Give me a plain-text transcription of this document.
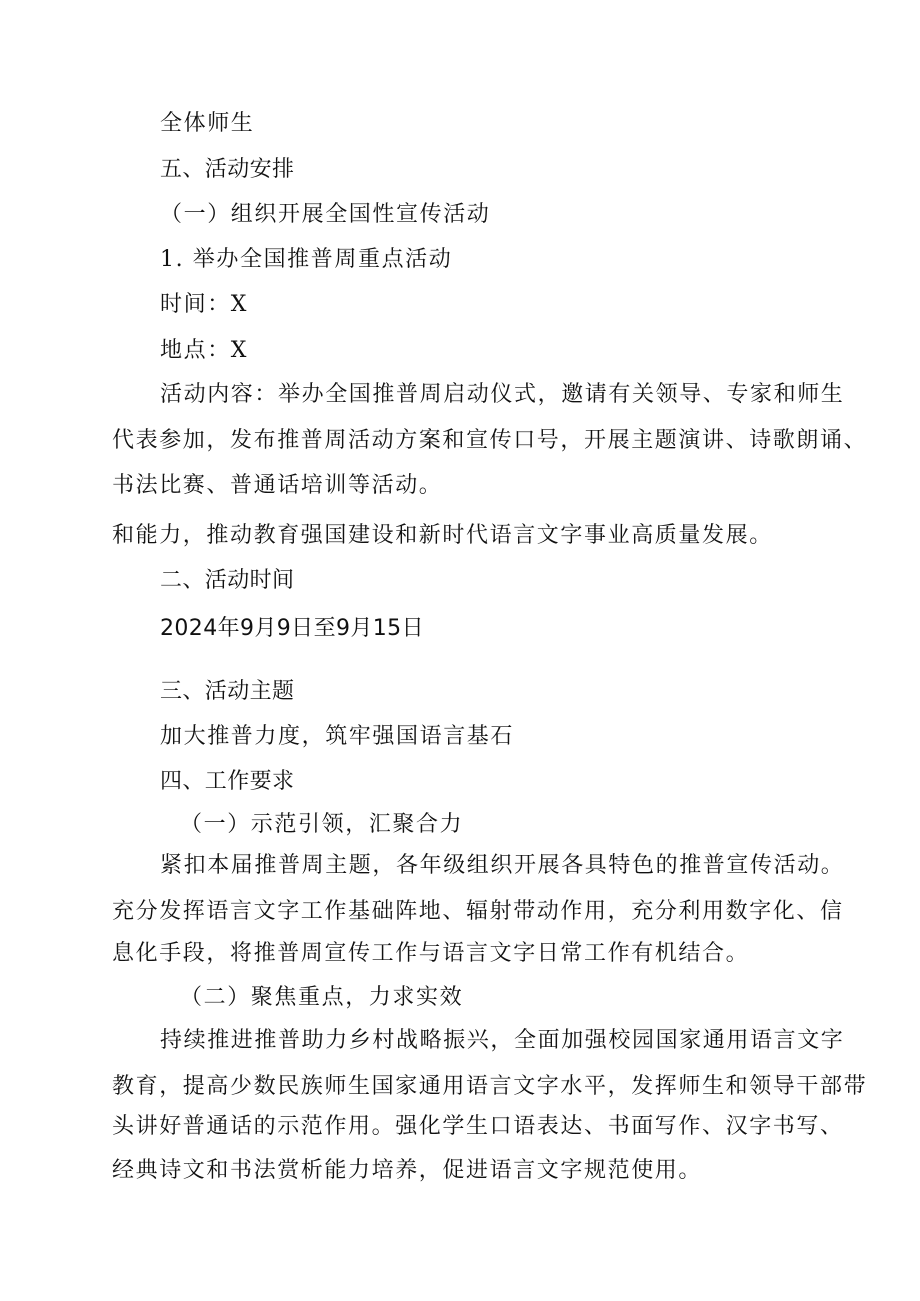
全体师生
五、活动安排
（一）组织开展全国性宣传活动
1. 举办全国推普周重点活动
时间：X
地点：X
活动内容：举办全国推普周启动仪式，邀请有关领导、专家和师生
代表参加，发布推普周活动方案和宣传口号，开展主题演讲、诗歌朗诵、
书法比赛、普通话培训等活动。
和能力，推动教育强国建设和新时代语言文字事业高质量发展。
二、活动时间
2024年9月9日至9月15日
三、活动主题
加大推普力度，筑牢强国语言基石
四、工作要求
（一）示范引领，汇聚合力
紧扣本届推普周主题，各年级组织开展各具特色的推普宣传活动。
充分发挥语言文字工作基础阵地、辐射带动作用，充分利用数字化、信
息化手段，将推普周宣传工作与语言文字日常工作有机结合。
（二）聚焦重点，力求实效
持续推进推普助力乡村战略振兴，全面加强校园国家通用语言文字
教育，提高少数民族师生国家通用语言文字水平，发挥师生和领导干部带
头讲好普通话的示范作用。强化学生口语表达、书面写作、汉字书写、
经典诗文和书法赏析能力培养，促进语言文字规范使用。
